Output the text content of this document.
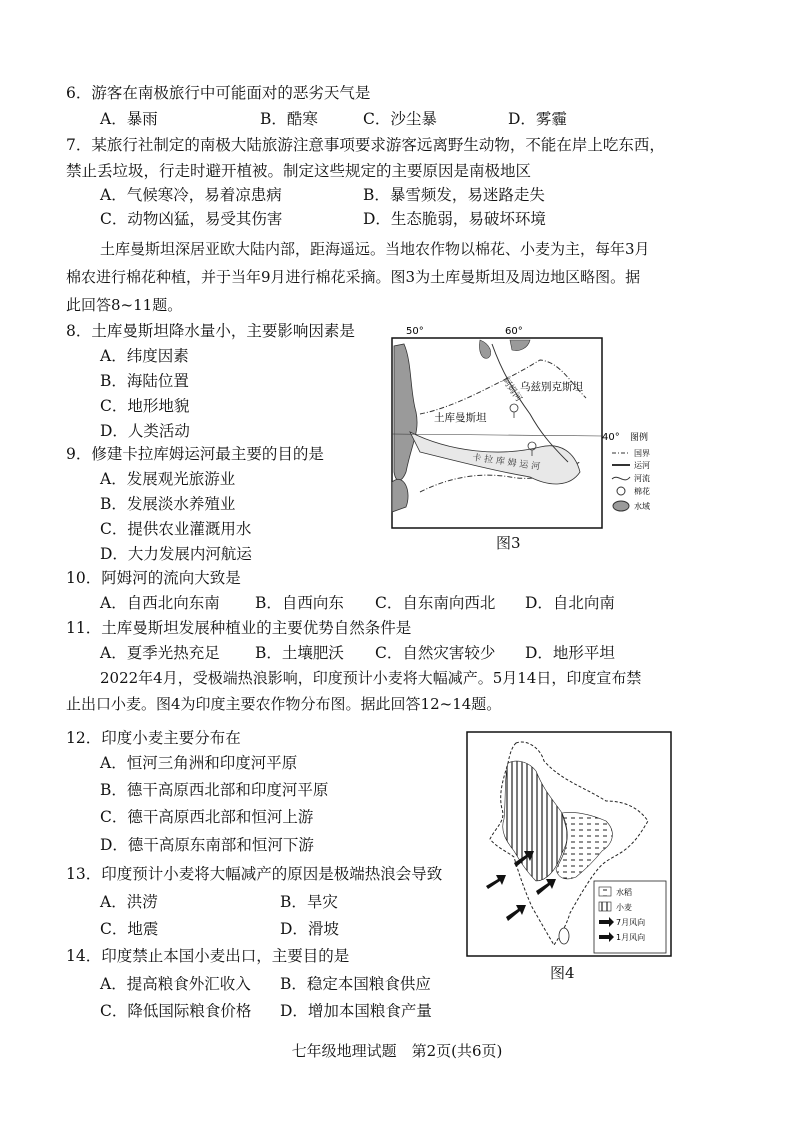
6．游客在南极旅行中可能面对的恶劣天气是
A．暴雨	B．酷寒	C．沙尘暴	D．雾霾
7．某旅行社制定的南极大陆旅游注意事项要求游客远离野生动物，不能在岸上吃东西，
禁止丢垃圾，行走时避开植被。制定这些规定的主要原因是南极地区
A．气候寒冷，易着凉患病	B．暴雪频发，易迷路走失
C．动物凶猛，易受其伤害	D．生态脆弱，易破坏环境
土库曼斯坦深居亚欧大陆内部，距海遥远。当地农作物以棉花、小麦为主，每年3月
棉农进行棉花种植，并于当年9月进行棉花采摘。图3为土库曼斯坦及周边地区略图。据
此回答8~11题。
8．土库曼斯坦降水量小，主要影响因素是
A．纬度因素
B．海陆位置
C．地形地貌
D．人类活动
9．修建卡拉库姆运河最主要的目的是
A．发展观光旅游业
B．发展淡水养殖业
C．提供农业灌溉用水
D．大力发展内河航运
50°	60°
卡 拉 库 姆 运 河
阿姆河
土库曼斯坦
乌兹别克斯坦
40° 图例
国界
运河
河流
棉花
水域
图3
10．阿姆河的流向大致是
A．自西北向东南 B．自西向东 C．自东南向西北 D．自北向南
11．土库曼斯坦发展种植业的主要优势自然条件是
A．夏季光热充足 B．土壤肥沃 C．自然灾害较少 D．地形平坦
2022年4月，受极端热浪影响，印度预计小麦将大幅减产。5月14日，印度宣布禁
止出口小麦。图4为印度主要农作物分布图。据此回答12~14题。
12．印度小麦主要分布在
A．恒河三角洲和印度河平原
B．德干高原西北部和印度河平原
C．德干高原西北部和恒河上游
D．德干高原东南部和恒河下游
13．印度预计小麦将大幅减产的原因是极端热浪会导致
A．洪涝	B．旱灾
C．地震	D．滑坡
14．印度禁止本国小麦出口，主要目的是
A．提高粮食外汇收入 B．稳定本国粮食供应
C．降低国际粮食价格 D．增加本国粮食产量
水稻
小麦
7月风向
1月风向
图4
七年级地理试题　第2页(共6页)
